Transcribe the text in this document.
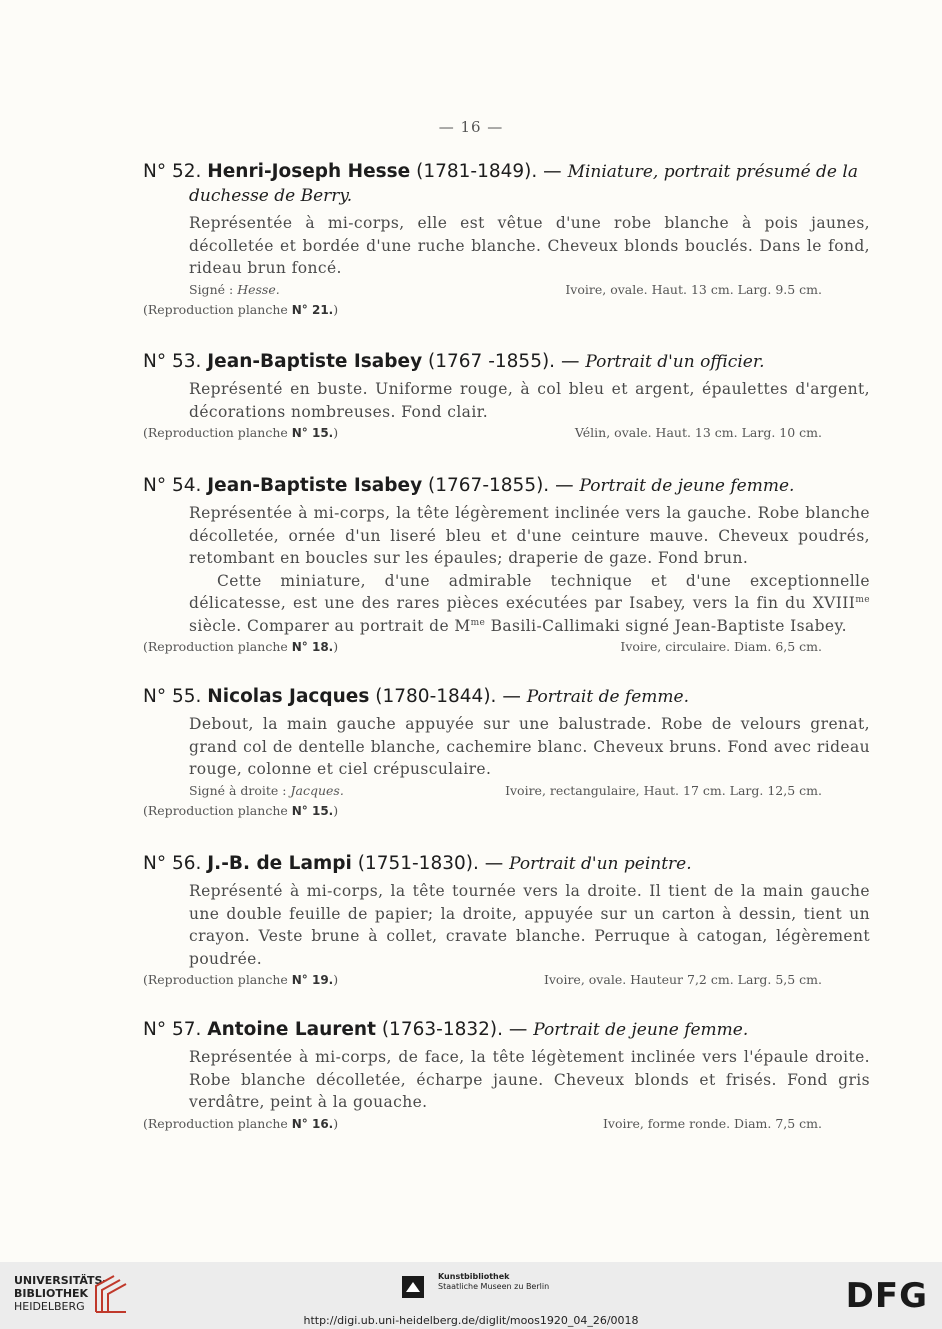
— 16 —
N° 52. Henri-Joseph Hesse (1781-1849). — Miniature, portrait présumé de la duchesse de Berry.

Représentée à mi-corps, elle est vêtue d'une robe blanche à pois jaunes, décolletée et bordée d'une ruche blanche. Cheveux blonds bouclés. Dans le fond, rideau brun foncé.

Signé : Hesse.	Ivoire, ovale. Haut. 13 cm. Larg. 9.5 cm.
(Reproduction planche N° 21.)
N° 53. Jean-Baptiste Isabey (1767 -1855). — Portrait d'un officier.

Représenté en buste. Uniforme rouge, à col bleu et argent, épaulettes d'argent, décorations nombreuses. Fond clair.

(Reproduction planche N° 15.)	Vélin, ovale. Haut. 13 cm. Larg. 10 cm.
N° 54. Jean-Baptiste Isabey (1767-1855). — Portrait de jeune femme.

Représentée à mi-corps, la tête légèrement inclinée vers la gauche. Robe blanche décolletée, ornée d'un liseré bleu et d'une ceinture mauve. Cheveux poudrés, retombant en boucles sur les épaules; draperie de gaze. Fond brun.

Cette miniature, d'une admirable technique et d'une exceptionnelle délicatesse, est une des rares pièces exécutées par Isabey, vers la fin du $XVIII^{me}$ siècle. Comparer au portrait de $M^{me}$ Basili-Callimaki signé Jean-Baptiste Isabey.

(Reproduction planche N° 18.)	Ivoire, circulaire. Diam. 6,5 cm.
N° 55. Nicolas Jacques (1780-1844). — Portrait de femme.

Debout, la main gauche appuyée sur une balustrade. Robe de velours grenat, grand col de dentelle blanche, cachemire blanc. Cheveux bruns. Fond avec rideau rouge, colonne et ciel crépusculaire.

Signé à droite : Jacques.	Ivoire, rectangulaire, Haut. 17 cm. Larg. 12,5 cm.
(Reproduction planche N° 15.)
N° 56. J.-B. de Lampi (1751-1830). — Portrait d'un peintre.

Représenté à mi-corps, la tête tournée vers la droite. Il tient de la main gauche une double feuille de papier; la droite, appuyée sur un carton à dessin, tient un crayon. Veste brune à collet, cravate blanche. Perruque à catogan, légèrement poudrée.

(Reproduction planche N° 19.)	Ivoire, ovale. Hauteur 7,2 cm. Larg. 5,5 cm.
N° 57. Antoine Laurent (1763-1832). — Portrait de jeune femme.

Représentée à mi-corps, de face, la tête légètement inclinée vers l'épaule droite. Robe blanche décolletée, écharpe jaune. Cheveux blonds et frisés. Fond gris verdâtre, peint à la gouache.

(Reproduction planche N° 16.)	Ivoire, forme ronde. Diam. 7,5 cm.
UNIVERSITÄTS-
BIBLIOTHEK
HEIDELBERG
Kunstbibliothek
Staatliche Museen zu Berlin	DFG
http://digi.ub.uni-heidelberg.de/diglit/moos1920_04_26/0018
